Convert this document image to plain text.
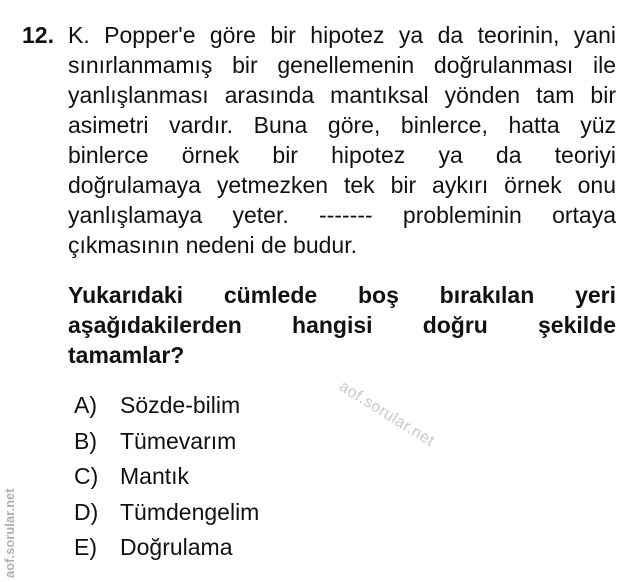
12. K. Popper'e göre bir hipotez ya da teorinin, yani
sınırlanmamış bir genellemenin doğrulanması ile
yanlışlanması arasında mantıksal yönden tam bir
asimetri vardır. Buna göre, binlerce, hatta yüz
binlerce örnek bir hipotez ya da teoriyi
doğrulamaya yetmezken tek bir aykırı örnek onu
yanlışlamaya yeter. ------- probleminin ortaya
çıkmasının nedeni de budur.
Yukarıdaki cümlede boş bırakılan yeri
aşağıdakilerden hangisi doğru şekilde
tamamlar?
A)	Sözde-bilim
B)	Tümevarım
C) Mantık
D) Tümdengelim
E)	Doğrulama
aof.sorular.net
aof.sorular.net
